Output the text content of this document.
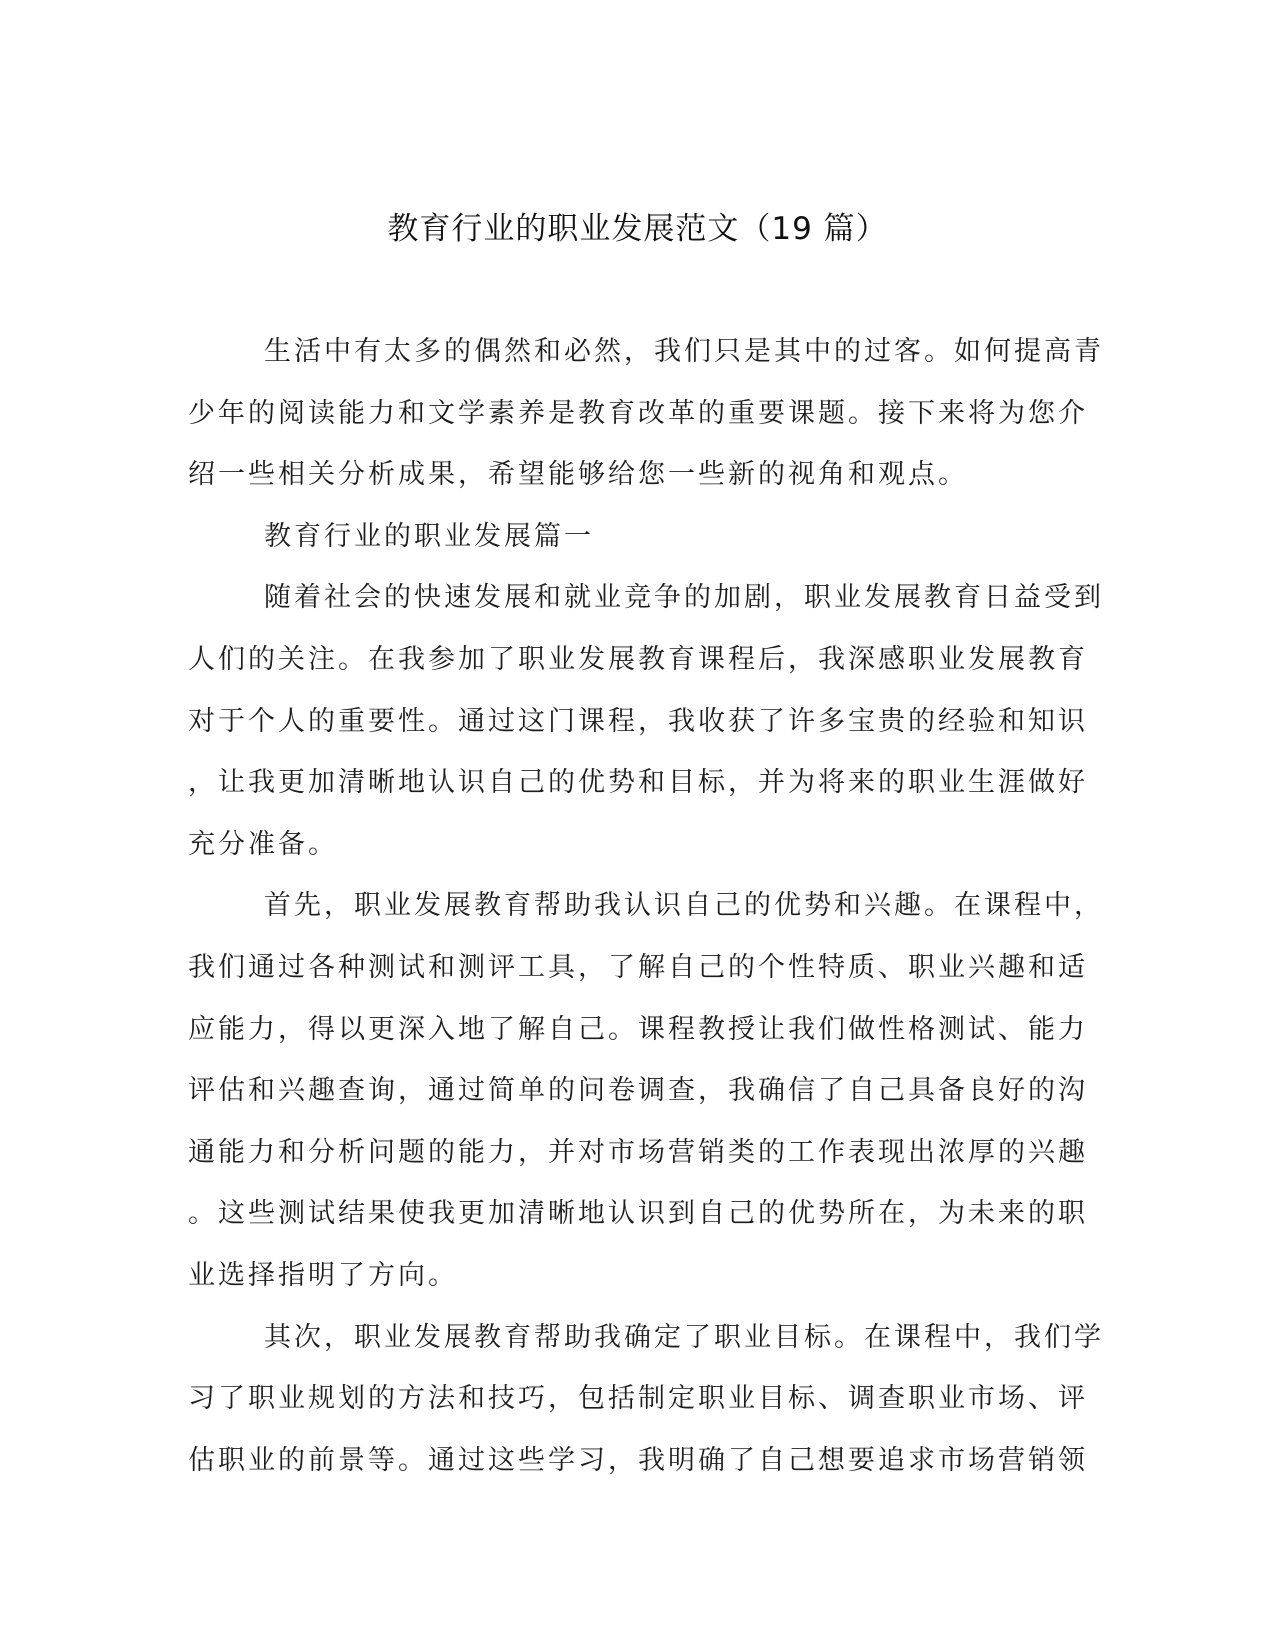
教育行业的职业发展范文（19 篇）
生活中有太多的偶然和必然，我们只是其中的过客。如何提高青
少年的阅读能力和文学素养是教育改革的重要课题。接下来将为您介
绍一些相关分析成果，希望能够给您一些新的视角和观点。
教育行业的职业发展篇一
随着社会的快速发展和就业竞争的加剧，职业发展教育日益受到
人们的关注。在我参加了职业发展教育课程后，我深感职业发展教育
对于个人的重要性。通过这门课程，我收获了许多宝贵的经验和知识
，让我更加清晰地认识自己的优势和目标，并为将来的职业生涯做好
充分准备。
首先，职业发展教育帮助我认识自己的优势和兴趣。在课程中，
我们通过各种测试和测评工具，了解自己的个性特质、职业兴趣和适
应能力，得以更深入地了解自己。课程教授让我们做性格测试、能力
评估和兴趣查询，通过简单的问卷调查，我确信了自己具备良好的沟
通能力和分析问题的能力，并对市场营销类的工作表现出浓厚的兴趣
。这些测试结果使我更加清晰地认识到自己的优势所在，为未来的职
业选择指明了方向。
其次，职业发展教育帮助我确定了职业目标。在课程中，我们学
习了职业规划的方法和技巧，包括制定职业目标、调查职业市场、评
估职业的前景等。通过这些学习，我明确了自己想要追求市场营销领
